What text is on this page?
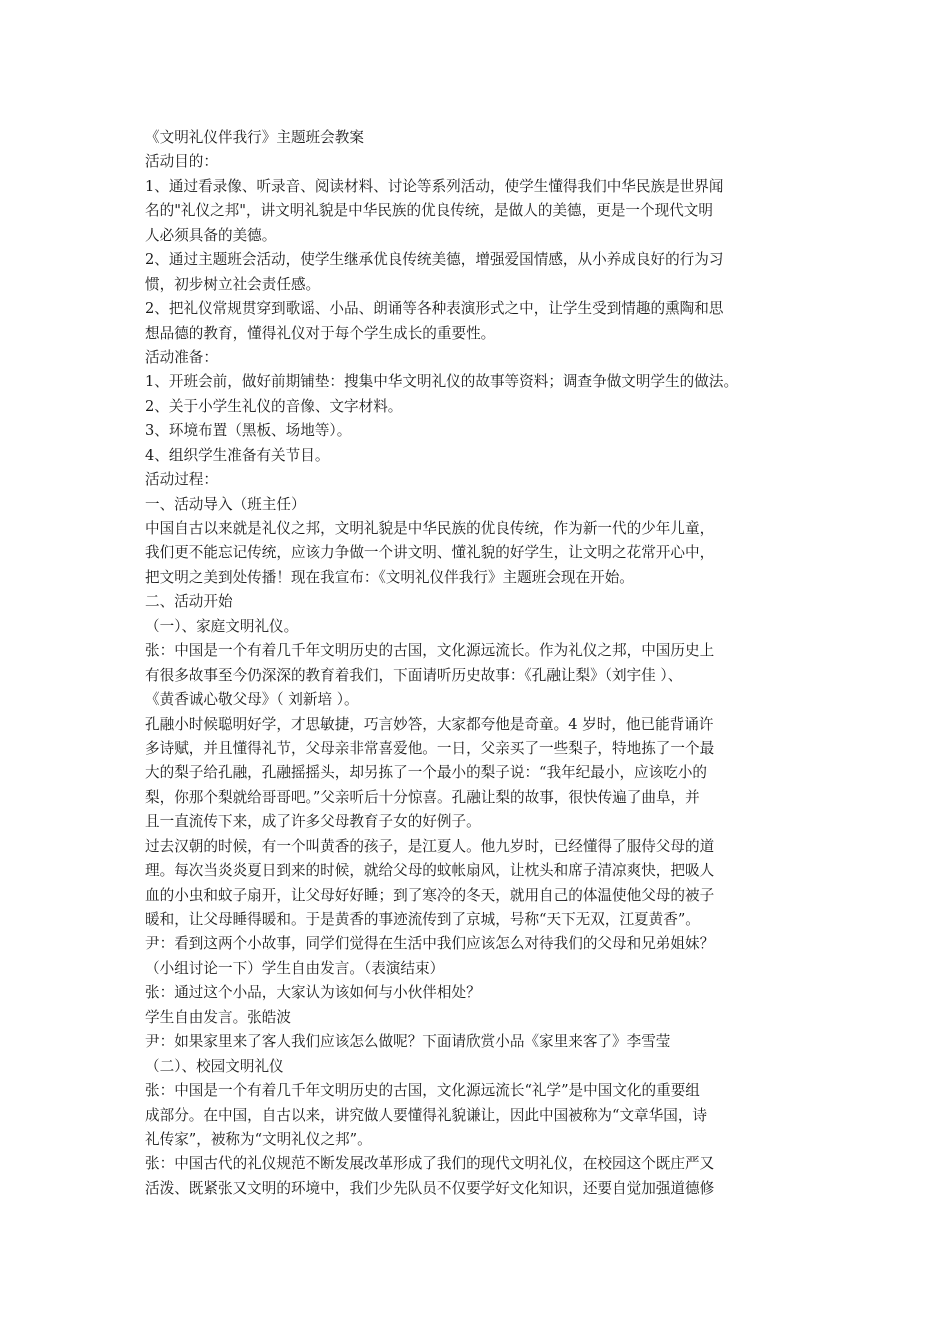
《文明礼仪伴我行》主题班会教案
活动目的：
1、通过看录像、听录音、阅读材料、讨论等系列活动，使学生懂得我们中华民族是世界闻
名的"礼仪之邦"，讲文明礼貌是中华民族的优良传统，是做人的美德，更是一个现代文明
人必须具备的美德。
2、通过主题班会活动，使学生继承优良传统美德，增强爱国情感，从小养成良好的行为习
惯，初步树立社会责任感。
2、把礼仪常规贯穿到歌谣、小品、朗诵等各种表演形式之中，让学生受到情趣的熏陶和思
想品德的教育，懂得礼仪对于每个学生成长的重要性。
活动准备：
1、开班会前，做好前期铺垫：搜集中华文明礼仪的故事等资料；调查争做文明学生的做法。
2、关于小学生礼仪的音像、文字材料。
3、环境布置（黑板、场地等）。
4、组织学生准备有关节目。
活动过程：
一、活动导入（班主任）
中国自古以来就是礼仪之邦，文明礼貌是中华民族的优良传统，作为新一代的少年儿童，
我们更不能忘记传统，应该力争做一个讲文明、懂礼貌的好学生，让文明之花常开心中，
把文明之美到处传播！现在我宣布：《文明礼仪伴我行》主题班会现在开始。
二、活动开始
（一）、家庭文明礼仪。
张：中国是一个有着几千年文明历史的古国，文化源远流长。作为礼仪之邦，中国历史上
有很多故事至今仍深深的教育着我们，下面请听历史故事：《孔融让梨》（刘宇佳 ）、
《黄香诚心敬父母》（ 刘新培 ）。
孔融小时候聪明好学，才思敏捷，巧言妙答，大家都夸他是奇童。4 岁时，他已能背诵许
多诗赋，并且懂得礼节，父母亲非常喜爱他。一日，父亲买了一些梨子，特地拣了一个最
大的梨子给孔融，孔融摇摇头，却另拣了一个最小的梨子说：“我年纪最小，应该吃小的
梨，你那个梨就给哥哥吧。”父亲听后十分惊喜。孔融让梨的故事，很快传遍了曲阜，并
且一直流传下来，成了许多父母教育子女的好例子。
过去汉朝的时候，有一个叫黄香的孩子，是江夏人。他九岁时，已经懂得了服侍父母的道
理。每次当炎炎夏日到来的时候，就给父母的蚊帐扇风，让枕头和席子清凉爽快，把吸人
血的小虫和蚊子扇开，让父母好好睡；到了寒冷的冬天，就用自己的体温使他父母的被子
暖和，让父母睡得暖和。于是黄香的事迹流传到了京城，号称“天下无双，江夏黄香”。
尹：看到这两个小故事，同学们觉得在生活中我们应该怎么对待我们的父母和兄弟姐妹？
（小组讨论一下）学生自由发言。（表演结束）
张：通过这个小品，大家认为该如何与小伙伴相处？
学生自由发言。张皓波
尹：如果家里来了客人我们应该怎么做呢？下面请欣赏小品《家里来客了》李雪莹
（二）、校园文明礼仪
张：中国是一个有着几千年文明历史的古国，文化源远流长“礼学”是中国文化的重要组
成部分。在中国，自古以来，讲究做人要懂得礼貌谦让，因此中国被称为“文章华国，诗
礼传家”，被称为“文明礼仪之邦”。
张：中国古代的礼仪规范不断发展改革形成了我们的现代文明礼仪，在校园这个既庄严又
活泼、既紧张又文明的环境中，我们少先队员不仅要学好文化知识，还要自觉加强道德修
